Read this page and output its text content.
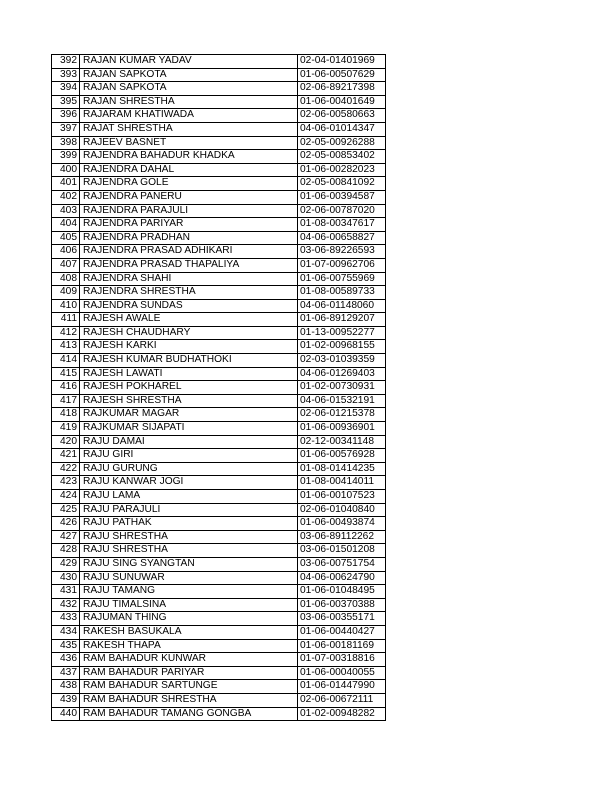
392	RAJAN KUMAR YADAV	02-04-01401969
393	RAJAN SAPKOTA	01-06-00507629
394	RAJAN SAPKOTA	02-06-89217398
395	RAJAN SHRESTHA	01-06-00401649
396	RAJARAM KHATIWADA	02-06-00580663
397	RAJAT SHRESTHA	04-06-01014347
398	RAJEEV BASNET	02-05-00926288
399	RAJENDRA BAHADUR KHADKA	02-05-00853402
400	RAJENDRA DAHAL	01-06-00282023
401	RAJENDRA GOLE	02-05-00841092
402	RAJENDRA PANERU	01-06-00394587
403	RAJENDRA PARAJULI	02-06-00787020
404	RAJENDRA PARIYAR	01-08-00347617
405	RAJENDRA PRADHAN	04-06-00658827
406	RAJENDRA PRASAD ADHIKARI	03-06-89226593
407	RAJENDRA PRASAD THAPALIYA	01-07-00962706
408	RAJENDRA SHAHI	01-06-00755969
409	RAJENDRA SHRESTHA	01-08-00589733
410	RAJENDRA SUNDAS	04-06-01148060
411	RAJESH AWALE	01-06-89129207
412	RAJESH CHAUDHARY	01-13-00952277
413	RAJESH KARKI	01-02-00968155
414	RAJESH KUMAR BUDHATHOKI	02-03-01039359
415	RAJESH LAWATI	04-06-01269403
416	RAJESH POKHAREL	01-02-00730931
417	RAJESH SHRESTHA	04-06-01532191
418	RAJKUMAR MAGAR	02-06-01215378
419	RAJKUMAR SIJAPATI	01-06-00936901
420	RAJU DAMAI	02-12-00341148
421	RAJU GIRI	01-06-00576928
422	RAJU GURUNG	01-08-01414235
423	RAJU KANWAR JOGI	01-08-00414011
424	RAJU LAMA	01-06-00107523
425	RAJU PARAJULI	02-06-01040840
426	RAJU PATHAK	01-06-00493874
427	RAJU SHRESTHA	03-06-89112262
428	RAJU SHRESTHA	03-06-01501208
429	RAJU SING SYANGTAN	03-06-00751754
430	RAJU SUNUWAR	04-06-00624790
431	RAJU TAMANG	01-06-01048495
432	RAJU TIMALSINA	01-06-00370388
433	RAJUMAN THING	03-06-00355171
434	RAKESH BASUKALA	01-06-00440427
435	RAKESH THAPA	01-06-00181169
436	RAM BAHADUR KUNWAR	01-07-00318816
437	RAM BAHADUR PARIYAR	01-06-00040055
438	RAM BAHADUR SARTUNGE	01-06-01447990
439	RAM BAHADUR SHRESTHA	02-06-00672111
440	RAM BAHADUR TAMANG GONGBA	01-02-00948282
